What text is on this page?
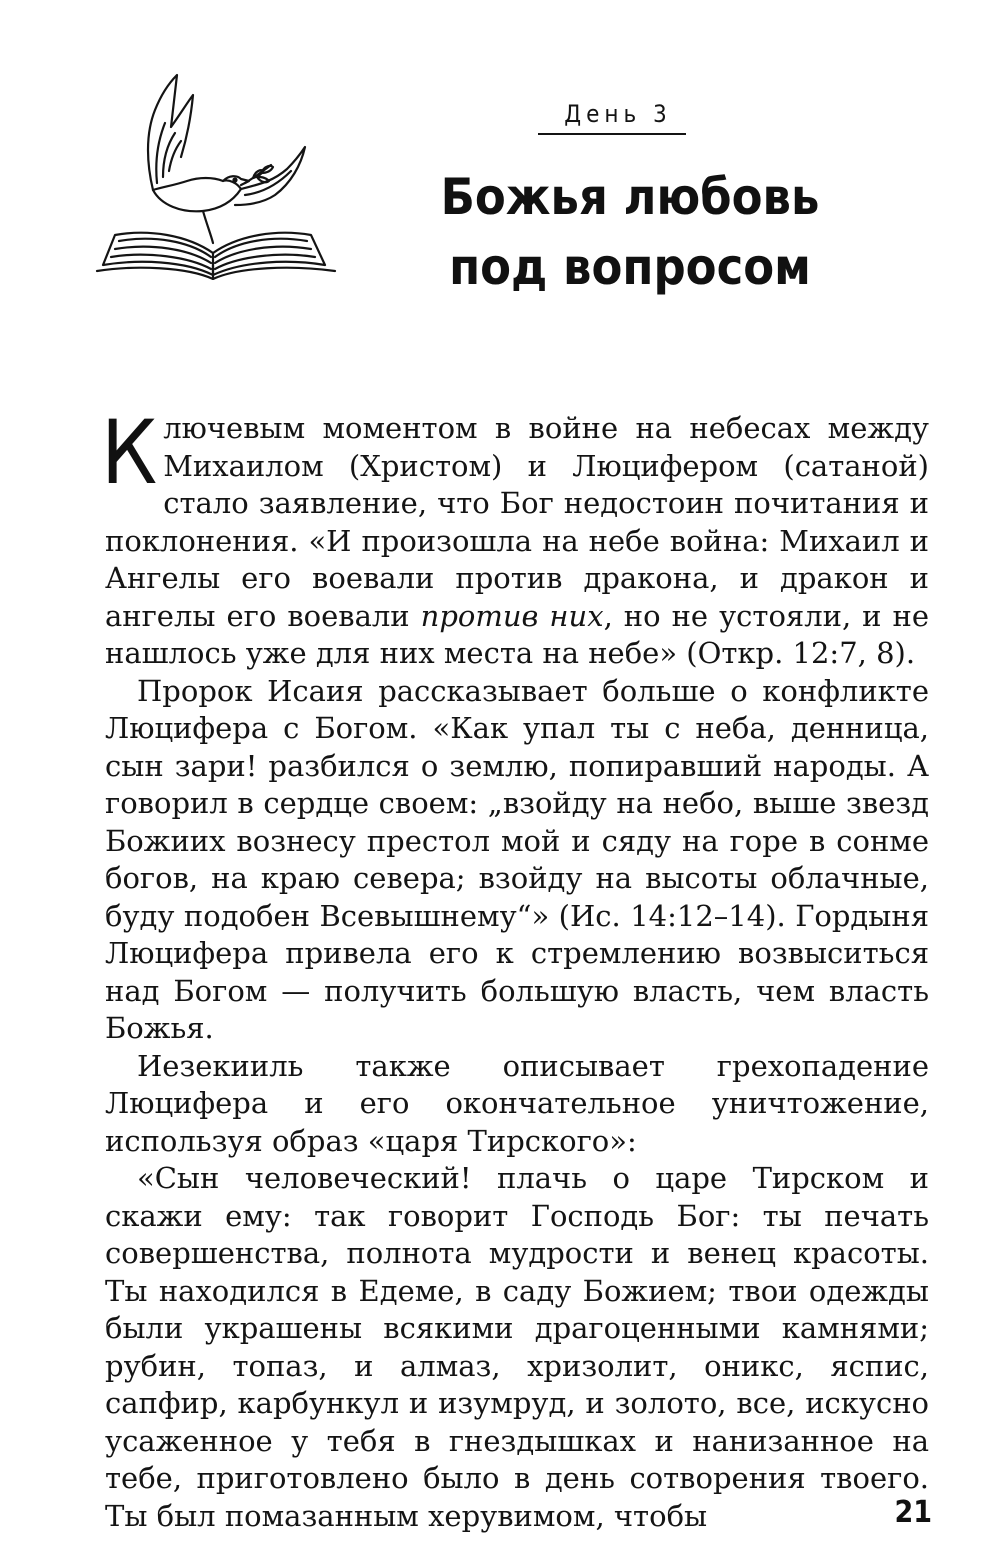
День 3
Божья любовь
под вопросом

Ключевым моментом в войне на небесах между Михаилом (Христом) и Люцифером (сатаной) стало заявление, что Бог недостоин почитания и поклонения. «И произошла на небе война: Михаил и Ангелы его воевали против дракона, и дракон и ангелы его воевали против них, но не устояли, и не нашлось уже для них места на небе» (Откр. 12:7, 8).

Пророк Исаия рассказывает больше о конфликте Люцифера с Богом. «Как упал ты с неба, денница, сын зари! разбился о землю, попиравший народы. А говорил в сердце своем: „взойду на небо, выше звезд Божиих вознесу престол мой и сяду на горе в сонме богов, на краю севера; взойду на высоты облачные, буду подобен Всевышнему“» (Ис. 14:12–14). Гордыня Люцифера привела его к стремлению возвыситься над Богом — получить большую власть, чем власть Божья.

Иезекииль также описывает грехопадение Люцифера и его окончательное уничтожение, используя образ «царя Тирского»:

«Сын человеческий! плачь о царе Тирском и скажи ему: так говорит Господь Бог: ты печать совершенства, полнота мудрости и венец красоты. Ты находился в Едеме, в саду Божием; твои одежды были украшены всякими драгоценными камнями; рубин, топаз, и алмаз, хризолит, оникс, яспис, сапфир, карбункул и изумруд, и золото, все, искусно усаженное у тебя в гнездышках и нанизанное на тебе, приготовлено было в день сотворения твоего. Ты был помазанным херувимом, чтобы	21
